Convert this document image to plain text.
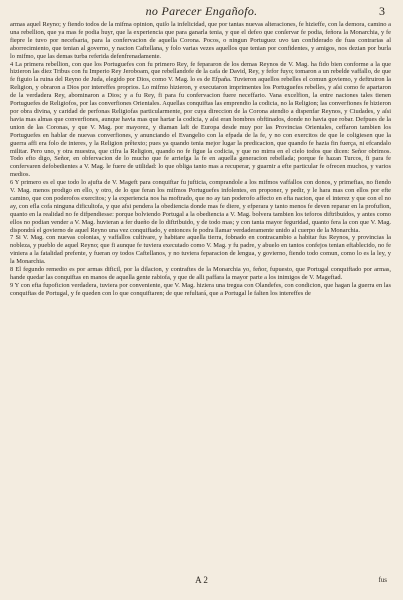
no Parecer Engañofo.	3

armas aquel Reyno; y fiendo todos de la mifma opinion, quiſo la infelicidad, que por tantas nuevas alteraciones, fe hizieffe, con la demora, camino a una rebellion, que ya mas fe podia huyr, que la experiencia que para ganarla tenia, y que el defeo que conſervar fe podia, feñora la Monarchia, y fe fiepre le tuvo por necefsaria, para la confervacion de aquella Corona. Pocos, o ningun Portuguez uvo tan confiderado de fuas contrarias al aborrecimiento, que tenian al governo, y nacion Caftellana, y folo varias vezes aquellos que tenian por confidentes, y amigos, nos dezian por burla lo mifmo, que las demas turba referida defenfrenadamente.

4 La primera rebellion, con que los Portuguefes con fu primero Rey, fe fepararon de los demas Reynos de V. Mag. ha fido bien conforme a la que hizieron las diez Tribus con fu Imperio Rey Jeroboam, que rebellandofe de la cafa de David, Rey, y fefor fuyo; tomaron a un rebelde vaffallo, de que fe figuio la ruina del Reyno de Juda, elegido por Dios, como V. Mag. lo es de Efpaña. Tuvieron aquellos rebelles el comun goviemo, y deftruiron la Religion, y obraron a Dios por intereffes proprios. Lo mifmo hizieron, y executaron imprimentes los Portuguefes rebelles, y aſsi como fe apartaron de la verdadera Rey, abominaron a Dios; y a fu Rey, fi para fu confervacion fuere neceffario. Vana excelfion, la entre naciones tales tienen Portuguefes de Religiofos, por las converfiones Orientales. Aquellas conquiftas las emprendio la codicia, no la Religion; las converfiones fe hizieron por obra divina, y caridad de perfonas Religiofas particularmente, por cuya direccion de la Corona atendio a dispenfar Reynos, y Ciudades, y aſsi havia mas almas que converfiones, aunque havia mas que hartar la codicia, y aſsi eran hombres obftinados, donde no havia que robar. Defpues de la union de las Coronas, y que V. Mag. por mayorez, y diaman laft de Europa desde muy por las Provincias Orientales, ceffaron tambien los Portuguefes en hablar de nuevas converfiones, y anunciando el Evangelio con la efpada de la fe, y no con exercitos de que le coligiesen que la guerra affi era folo de interes, y la Religion prêtexto; pues ya quando tenia mejor lugar la predicacion, que quando fe hazia fin fuerça, ni efcandalo militar. Pero uno, y otra muestra, que cifra la Religion, quando no fe figue la codicia, y que no mirra en el cielo todos que dicen: Señor obrimos. Todo efto digo, Señor, en obfervacion de lo mucho que fe arriefga la fe en aquella generacion rebellada; porque fe hazan Turcos, fi para fe confervaren defobedientes a V. Mag. le fuere de utilidad: lo que obliga tanto mas a recuperar, y guarnir a efte particular fe ofrecen muchos, y varios medios.

6 Y primero es el que todo lo ajufta de V. Mageft para conquiftar fu jufticia, comprandole a los mifmos vaffallos con donos, y primefias, no fiendo V. Mag. menos prodigo en ello, y otro, de lo que feran los mifmos Portuguefes infolentes, en proponer, y pedir, y le hara mas con ellos por efte camino, que con poderofos exercitos; y la experiencia nos ha moftrado, que no ay tan poderofo affecto en efta nacion, que el interez y que con el no ay, con efla cofa ninguna dificultofa, y que afsi pendera la obediencia donde mas fe diere, y efperara y tanto menos fe deven reparar en la profufion, quanto en la realidad no fe difpendiesse: porque bolviendo Portugal a la obediencia a V. Mag. bolvera tambien los teforos diftribuidos, y antes como ellos no podian vender a V. Mag. huvieran a fer dueño de lo diftribuido, y de todo mas; y con tanta mayor feguridad, quanto fera la con que V. Mag. dispondrá el govierno de aquel Reyno una vez conquiftado, y entonces fe podra llamar verdaderamente unido al cuerpo de la Monarchia.

7 Si V. Mag. con nuevas colonias, y vaffallos cultivare, y habitare aquella tierra, fobnado en contracambio a habitar fus Reynos, y provincias la nobleza, y pueblo de aquel Reyno; que fi aunque fe tuviera executado como V. Mag. y fu padre, y abuelo en tantos confejos tenian eftablecido, no fe viniera a la fatalidad prefente, y fueran oy todos Caftellanos, y no tuviera feparacion de lengua, y govierno, fiendo todo comun, como lo es la ley, y la Monarchia.

8 El fegundo remedio es por armas dificil, por la dilacion, y contraftes de la Monarchia yo, feñor, fupuesto, que Portugal conquiftado por armas, hande quedar las conquiftas en manos de aquella gente rabiofa, y que de alli paffara la mayor parte a los inimigos de V. Mageftad.

9 Y con efta fupoficion verdadera, tuviera por conveniente, que V. Mag. hiziera una tregua con Olandefes, con condicion, que hagan la guerra en las conquiftas de Portugal, y fe queden con lo que conquiftaren; de que refultará, que a Portugal le falten los intereffes de

A 2	fus
